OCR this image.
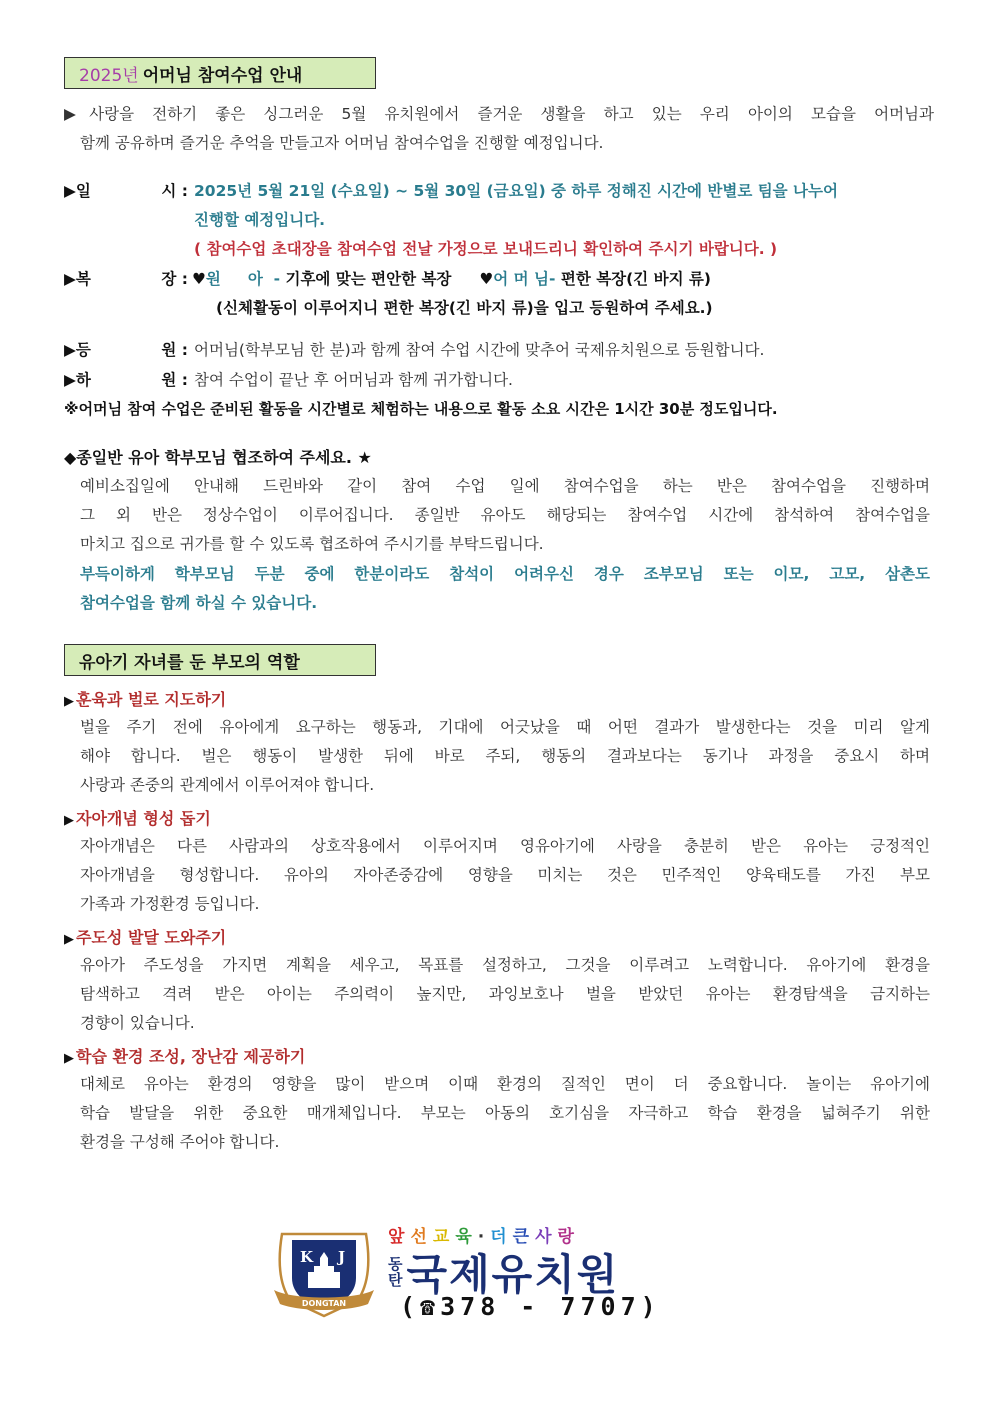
2025년 어머님 참여수업 안내
▶사랑을 전하기 좋은 싱그러운 5월 유치원에서 즐거운 생활을 하고 있는 우리 아이의 모습을 어머님과
함께 공유하며 즐거운 추억을 만들고자 어머님 참여수업을 진행할 예정입니다.
▶일	시 : 2025년 5월 21일 (수요일) ~ 5월 30일 (금요일) 중 하루 정해진 시간에 반별로 팀을 나누어
진행할 예정입니다.
( 참여수업 초대장을 참여수업 전날 가정으로 보내드리니 확인하여 주시기 바랍니다. )
▶복	장 : ♥원     아  - 기후에 맞는 편안한 복장 ♥어 머 님- 편한 복장(긴 바지 류)
(신체활동이 이루어지니 편한 복장(긴 바지 류)을 입고 등원하여 주세요.)
▶등	원 : 어머님(학부모님 한 분)과 함께 참여 수업 시간에 맞추어 국제유치원으로 등원합니다.
▶하	원 : 참여 수업이 끝난 후 어머님과 함께 귀가합니다.
※어머님 참여 수업은 준비된 활동을 시간별로 체험하는 내용으로 활동 소요 시간은 1시간 30분 정도입니다.
◆종일반 유아 학부모님 협조하여 주세요. ★
예비소집일에 안내해 드린바와 같이 참여 수업 일에 참여수업을 하는 반은 참여수업을 진행하며
그 외 반은 정상수업이 이루어집니다. 종일반 유아도 해당되는 참여수업 시간에 참석하여 참여수업을
마치고 집으로 귀가를 할 수 있도록 협조하여 주시기를 부탁드립니다.
부득이하게 학부모님 두분 중에 한분이라도 참석이 어려우신 경우 조부모님 또는 이모, 고모, 삼촌도
참여수업을 함께 하실 수 있습니다.
유아기 자녀를 둔 부모의 역할
▶ 훈육과 벌로 지도하기
벌을 주기 전에 유아에게 요구하는 행동과, 기대에 어긋났을 때 어떤 결과가 발생한다는 것을 미리 알게
해야 합니다. 벌은 행동이 발생한 뒤에 바로 주되, 행동의 결과보다는 동기나 과정을 중요시 하며
사랑과 존중의 관계에서 이루어져야 합니다.
▶ 자아개념 형성 돕기
자아개념은 다른 사람과의 상호작용에서 이루어지며 영유아기에 사랑을 충분히 받은 유아는 긍정적인
자아개념을 형성합니다. 유아의 자아존중감에 영향을 미치는 것은 민주적인 양육태도를 가진 부모
가족과 가정환경 등입니다.
▶ 주도성 발달 도와주기
유아가 주도성을 가지면 계획을 세우고, 목표를 설정하고, 그것을 이루려고 노력합니다. 유아기에 환경을
탐색하고 격려 받은 아이는 주의력이 높지만, 과잉보호나 벌을 받았던 유아는 환경탐색을 금지하는
경향이 있습니다.
▶ 학습 환경 조성, 장난감 제공하기
대체로 유아는 환경의 영향을 많이 받으며 이때 환경의 질적인 면이 더 중요합니다. 놀이는 유아기에
학습 발달을 위한 중요한 매개체입니다. 부모는 아동의 호기심을 자극하고 학습 환경을 넓혀주기 위한
환경을 구성해 주어야 합니다.
K J
DONGTAN
앞선교육·더큰사랑
동
탄 국제유치원
(☎378 - 7707)
